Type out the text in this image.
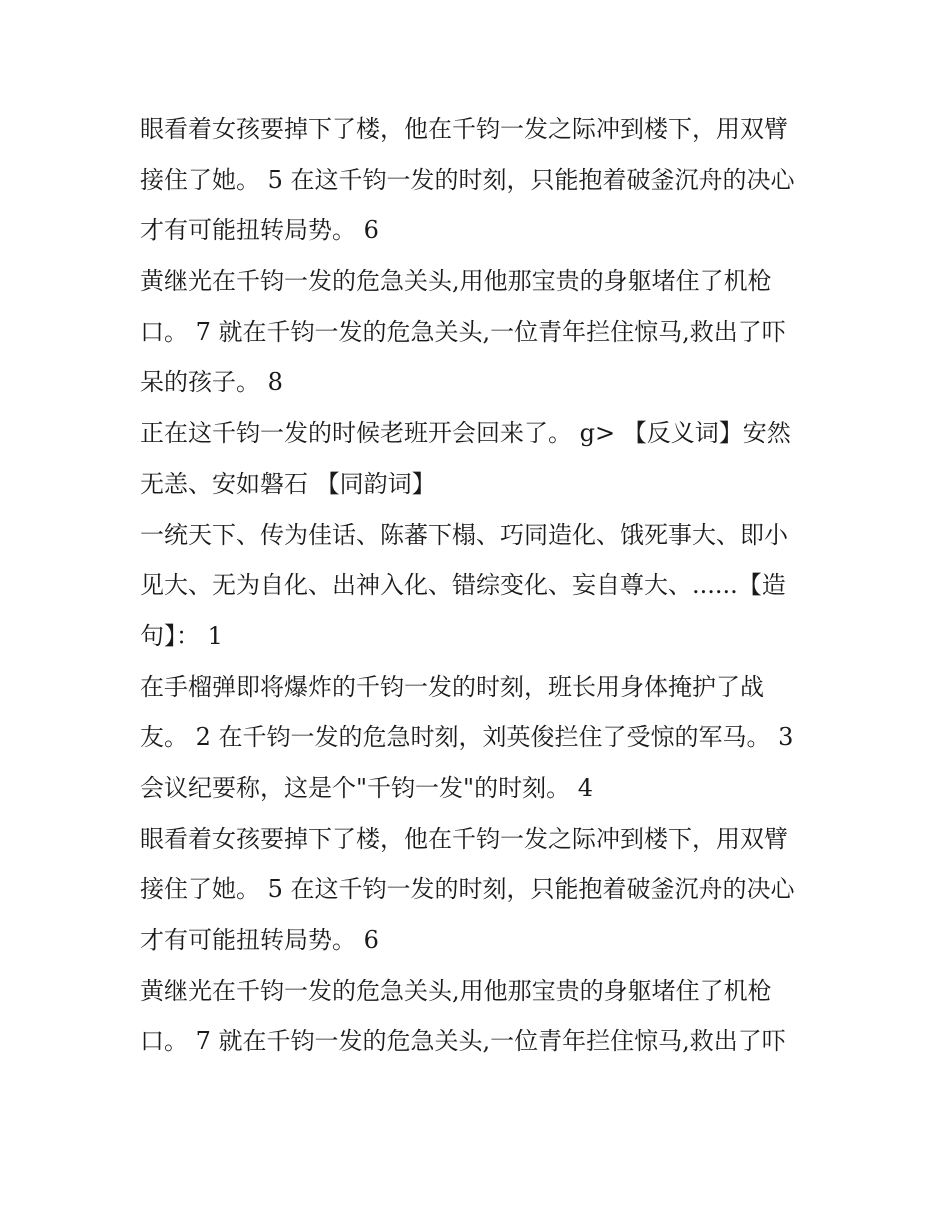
眼看着女孩要掉下了楼，他在千钧一发之际冲到楼下，用双臂

接住了她。 5 在这千钧一发的时刻，只能抱着破釜沉舟的决心

才有可能扭转局势。 6

黄继光在千钧一发的危急关头,用他那宝贵的身躯堵住了机枪

口。 7 就在千钧一发的危急关头,一位青年拦住惊马,救出了吓

呆的孩子。 8

正在这千钧一发的时候老班开会回来了。 g> 【反义词】安然

无恙、安如磐石 【同韵词】

一统天下、传为佳话、陈蕃下榻、巧同造化、饿死事大、即小

见大、无为自化、出神入化、错综变化、妄自尊大、......【造

句】： 1

在手榴弹即将爆炸的千钧一发的时刻，班长用身体掩护了战

友。 2 在千钧一发的危急时刻，刘英俊拦住了受惊的军马。 3

会议纪要称，这是个"千钧一发"的时刻。 4

眼看着女孩要掉下了楼，他在千钧一发之际冲到楼下，用双臂

接住了她。 5 在这千钧一发的时刻，只能抱着破釜沉舟的决心

才有可能扭转局势。 6

黄继光在千钧一发的危急关头,用他那宝贵的身躯堵住了机枪

口。 7 就在千钧一发的危急关头,一位青年拦住惊马,救出了吓
